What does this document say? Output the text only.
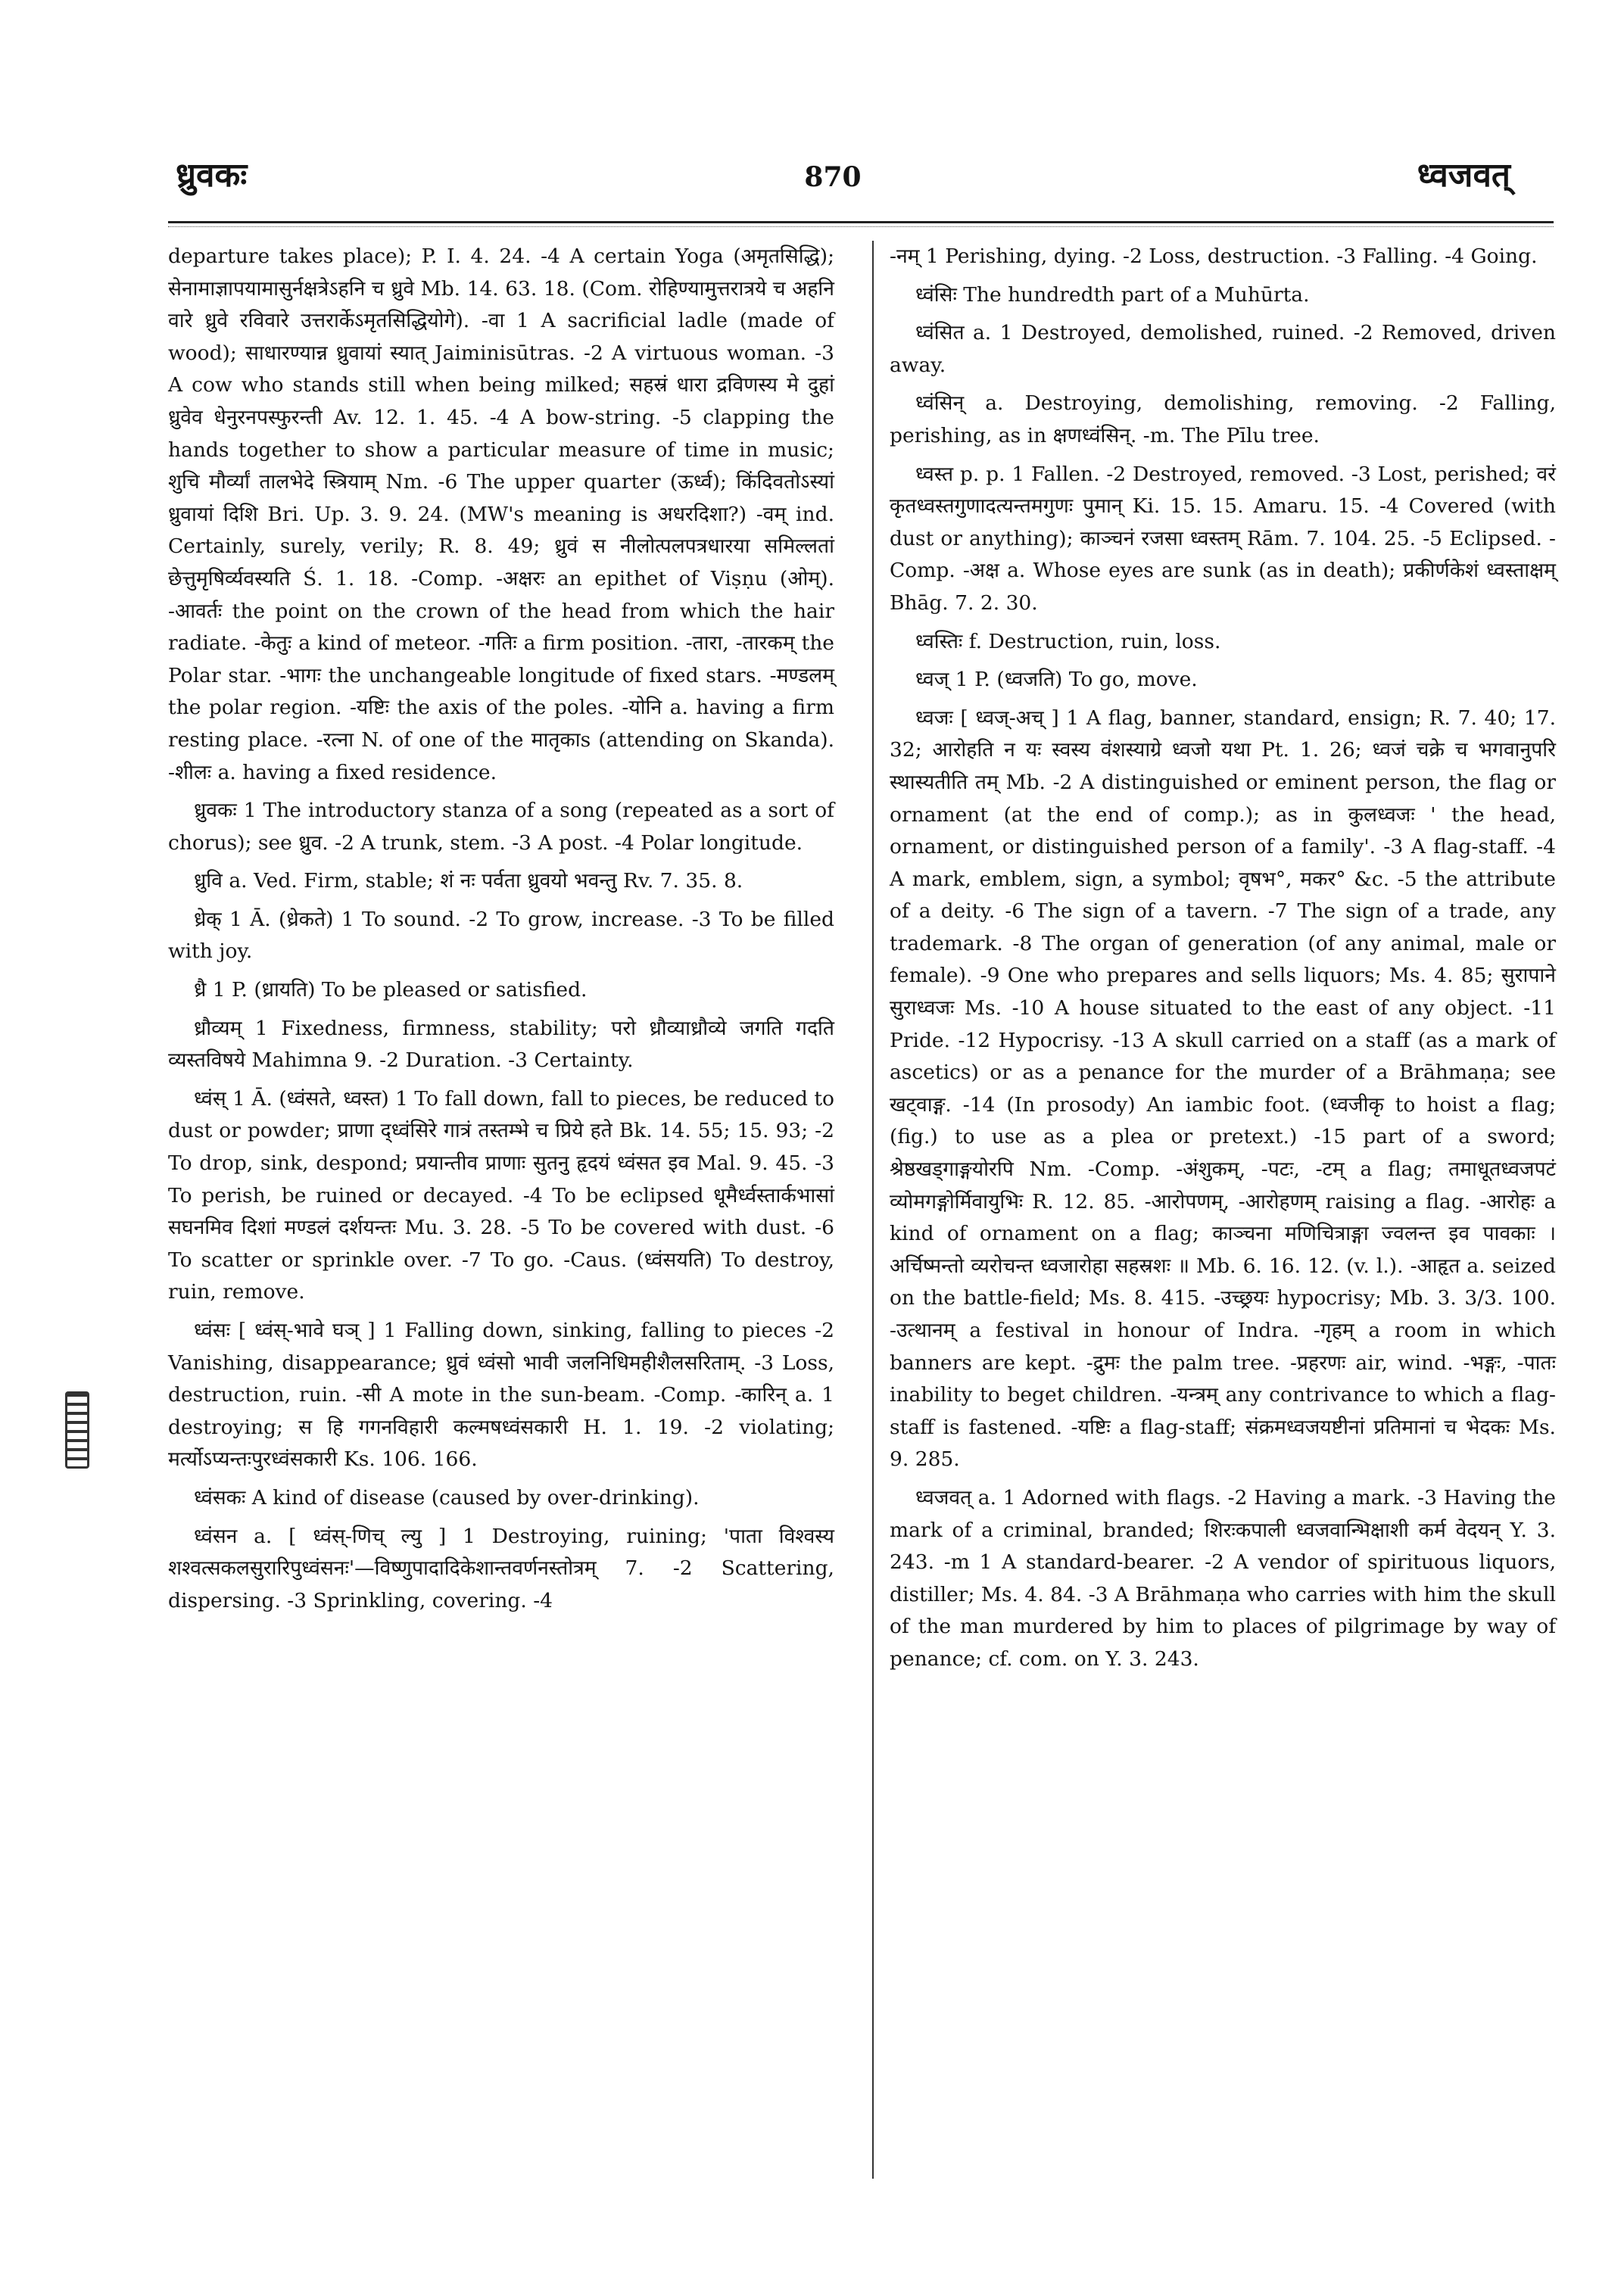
ध्रुवकः	870	ध्वजवत्

departure takes place); P. I. 4. 24. -4 A certain Yoga (अमृतसिद्धि); सेनामाज्ञापयामासुर्नक्षत्रेऽहनि च ध्रुवे Mb. 14. 63. 18. (Com. रोहिण्यामुत्तरात्रये च अहनि वारे ध्रुवे रविवारे उत्तरार्केऽमृतसिद्धियोगे). -वा 1 A sacrificial ladle (made of wood); साधारण्यान्न ध्रुवायां स्यात् Jaiminisūtras. -2 A virtuous woman. -3 A cow who stands still when being milked; सहस्रं धारा द्रविणस्य मे दुहां ध्रुवेव धेनुरनपस्फुरन्ती Av. 12. 1. 45. -4 A bow-string. -5 clapping the hands together to show a particular measure of time in music; शुचि मौर्व्यां तालभेदे स्त्रियाम् Nm. -6 The upper quarter (ऊर्ध्व); किंदिवतोऽस्यां ध्रुवायां दिशि Bri. Up. 3. 9. 24. (MW's meaning is अधरदिशा?) -वम् ind. Certainly, surely, verily; R. 8. 49; ध्रुवं स नीलोत्पलपत्रधारया समिल्लतां छेत्तुमृषिर्व्यवस्यति Ś. 1. 18. -Comp. -अक्षरः an epithet of Viṣṇu (ओम्). -आवर्तः the point on the crown of the head from which the hair radiate. -केतुः a kind of meteor. -गतिः a firm position. -तारा, -तारकम् the Polar star. -भागः the unchangeable longitude of fixed stars. -मण्डलम् the polar region. -यष्टिः the axis of the poles. -योनि a. having a firm resting place. -रत्ना N. of one of the मातृकाs (attending on Skanda). -शीलः a. having a fixed residence.

ध्रुवकः 1 The introductory stanza of a song (repeated as a sort of chorus); see ध्रुव. -2 A trunk, stem. -3 A post. -4 Polar longitude.

ध्रुवि a. Ved. Firm, stable; शं नः पर्वता ध्रुवयो भवन्तु Rv. 7. 35. 8.

ध्रेक् 1 Ā. (ध्रेकते) 1 To sound. -2 To grow, increase. -3 To be filled with joy.

ध्रै 1 P. (ध्रायति) To be pleased or satisfied.

ध्रौव्यम् 1 Fixedness, firmness, stability; परो ध्रौव्याध्रौव्ये जगति गदति व्यस्तविषये Mahimna 9. -2 Duration. -3 Certainty.

ध्वंस् 1 Ā. (ध्वंसते, ध्वस्त) 1 To fall down, fall to pieces, be reduced to dust or powder; प्राणा द्ध्वंसिरे गात्रं तस्तम्भे च प्रिये हते Bk. 14. 55; 15. 93; -2 To drop, sink, despond; प्रयान्तीव प्राणाः सुतनु हृदयं ध्वंसत इव Mal. 9. 45. -3 To perish, be ruined or decayed. -4 To be eclipsed धूमैर्ध्वस्तार्कभासां सघनमिव दिशां मण्डलं दर्शयन्तः Mu. 3. 28. -5 To be covered with dust. -6 To scatter or sprinkle over. -7 To go. -Caus. (ध्वंसयति) To destroy, ruin, remove.

ध्वंसः [ ध्वंस्-भावे घञ् ] 1 Falling down, sinking, falling to pieces -2 Vanishing, disappearance; ध्रुवं ध्वंसो भावी जलनिधिमहीशैलसरिताम्. -3 Loss, destruction, ruin. -सी A mote in the sun-beam. -Comp. -कारिन् a. 1 destroying; स हि गगनविहारी कल्मषध्वंसकारी H. 1. 19. -2 violating; मर्त्योऽप्यन्तःपुरध्वंसकारी Ks. 106. 166.

ध्वंसकः A kind of disease (caused by over-drinking).

ध्वंसन a. [ ध्वंस्-णिच् ल्यु ] 1 Destroying, ruining; 'पाता विश्वस्य शश्वत्सकलसुरारिपुध्वंसनः'—विष्णुपादादिकेशान्तवर्णनस्तोत्रम् 7. -2 Scattering, dispersing. -3 Sprinkling, covering. -4

-नम् 1 Perishing, dying. -2 Loss, destruction. -3 Falling. -4 Going.

ध्वंसिः The hundredth part of a Muhūrta.

ध्वंसित a. 1 Destroyed, demolished, ruined. -2 Removed, driven away.

ध्वंसिन् a. Destroying, demolishing, removing. -2 Falling, perishing, as in क्षणध्वंसिन्. -m. The Pīlu tree.

ध्वस्त p. p. 1 Fallen. -2 Destroyed, removed. -3 Lost, perished; वरं कृतध्वस्तगुणादत्यन्तमगुणः पुमान् Ki. 15. 15. Amaru. 15. -4 Covered (with dust or anything); काञ्चनं रजसा ध्वस्तम् Rām. 7. 104. 25. -5 Eclipsed. -Comp. -अक्ष a. Whose eyes are sunk (as in death); प्रकीर्णकेशं ध्वस्ताक्षम् Bhāg. 7. 2. 30.

ध्वस्तिः f. Destruction, ruin, loss.

ध्वज् 1 P. (ध्वजति) To go, move.

ध्वजः [ ध्वज्-अच् ] 1 A flag, banner, standard, ensign; R. 7. 40; 17. 32; आरोहति न यः स्वस्य वंशस्याग्रे ध्वजो यथा Pt. 1. 26; ध्वजं चक्रे च भगवानुपरि स्थास्यतीति तम् Mb. -2 A distinguished or eminent person, the flag or ornament (at the end of comp.); as in कुलध्वजः ' the head, ornament, or distinguished person of a family'. -3 A flag-staff. -4 A mark, emblem, sign, a symbol; वृषभ°, मकर° &c. -5 the attribute of a deity. -6 The sign of a tavern. -7 The sign of a trade, any trademark. -8 The organ of generation (of any animal, male or female). -9 One who prepares and sells liquors; Ms. 4. 85; सुरापाने सुराध्वजः Ms. -10 A house situated to the east of any object. -11 Pride. -12 Hypocrisy. -13 A skull carried on a staff (as a mark of ascetics) or as a penance for the murder of a Brāhmaṇa; see खट्वाङ्ग. -14 (In prosody) An iambic foot. (ध्वजीकृ to hoist a flag; (fig.) to use as a plea or pretext.) -15 part of a sword; श्रेष्ठखड्गाङ्गयोरपि Nm. -Comp. -अंशुकम्, -पटः, -टम् a flag; तमाधूतध्वजपटं व्योमगङ्गोर्मिवायुभिः R. 12. 85. -आरोपणम्, -आरोहणम् raising a flag. -आरोहः a kind of ornament on a flag; काञ्चना मणिचित्राङ्गा ज्वलन्त इव पावकाः । अर्चिष्मन्तो व्यरोचन्त ध्वजारोहा सहस्रशः ॥ Mb. 6. 16. 12. (v. l.). -आहृत a. seized on the battle-field; Ms. 8. 415. -उच्छ्रयः hypocrisy; Mb. 3. 3/3. 100. -उत्थानम् a festival in honour of Indra. -गृहम् a room in which banners are kept. -द्रुमः the palm tree. -प्रहरणः air, wind. -भङ्गः, -पातः inability to beget children. -यन्त्रम् any contrivance to which a flag-staff is fastened. -यष्टिः a flag-staff; संक्रमध्वजयष्टीनां प्रतिमानां च भेदकः Ms. 9. 285.

ध्वजवत् a. 1 Adorned with flags. -2 Having a mark. -3 Having the mark of a criminal, branded; शिरःकपाली ध्वजवान्भिक्षाशी कर्म वेदयन् Y. 3. 243. -m 1 A standard-bearer. -2 A vendor of spirituous liquors, distiller; Ms. 4. 84. -3 A Brāhmaṇa who carries with him the skull of the man murdered by him to places of pilgrimage by way of penance; cf. com. on Y. 3. 243.
